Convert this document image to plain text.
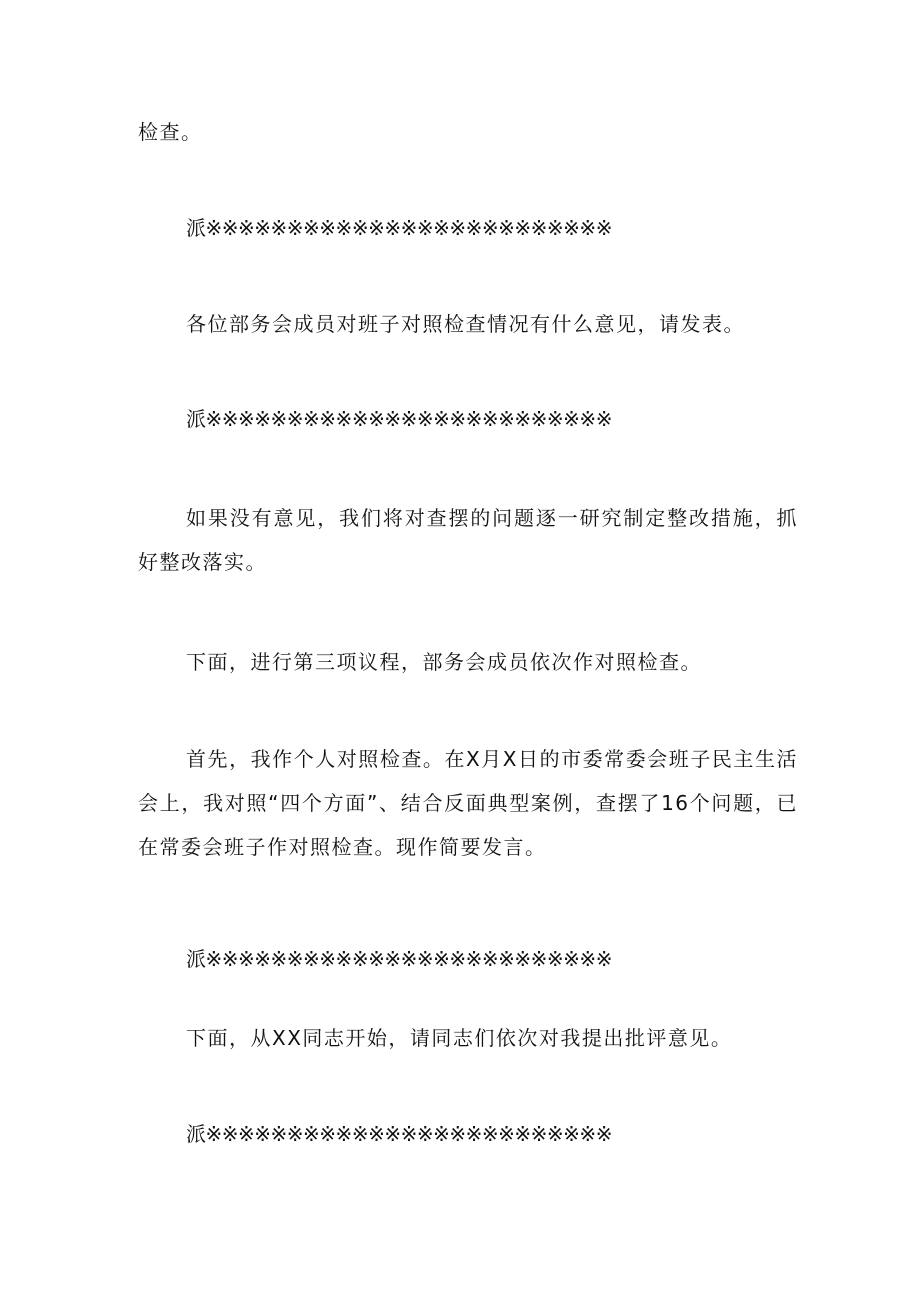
检查。

派※※※※※※※※※※※※※※※※※※※※※※※※※

各位部务会成员对班子对照检查情况有什么意见，请发表。

派※※※※※※※※※※※※※※※※※※※※※※※※※

如果没有意见，我们将对查摆的问题逐一研究制定整改措施，抓好整改落实。

下面，进行第三项议程，部务会成员依次作对照检查。

首先，我作个人对照检查。在X月X日的市委常委会班子民主生活会上，我对照“四个方面”、结合反面典型案例，查摆了16个问题，已在常委会班子作对照检查。现作简要发言。

派※※※※※※※※※※※※※※※※※※※※※※※※※

下面，从XX同志开始，请同志们依次对我提出批评意见。

派※※※※※※※※※※※※※※※※※※※※※※※※※
